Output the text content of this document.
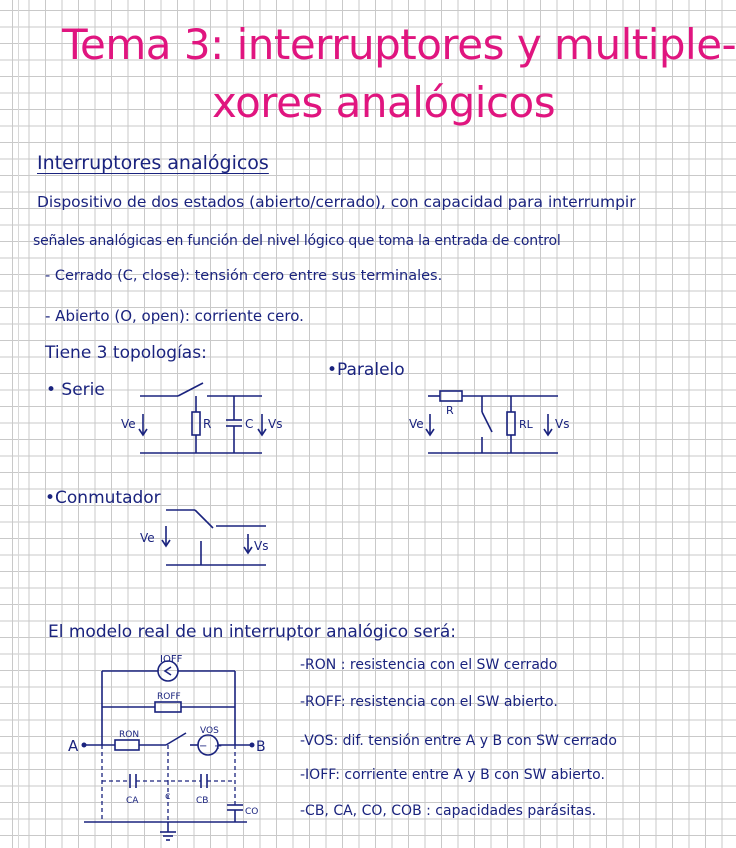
Tema 3: interruptores y multiple-
xores analógicos
Interruptores analógicos
Dispositivo de dos estados (abierto/cerrado), con capacidad para interrumpir
señales analógicas en función del nivel lógico que toma la entrada de control
- Cerrado (C, close): tensión cero entre sus terminales.
- Abierto (O, open): corriente cero.
Tiene 3 topologías:
• Serie
•Paralelo
•Conmutador
Ve	R	C Vs	Ve
R
RL Vs
Ve
Vs
El modelo real de un interruptor analógico será:
IOFF
ROFF
RON	VOS
+
−
A	B
c
CA	CB
CO
-RON : resistencia con el SW cerrado
-ROFF: resistencia con el SW abierto.
-VOS: dif. tensión entre A y B con SW cerrado
-IOFF: corriente entre A y B con SW abierto.
-CB, CA, CO, COB : capacidades parásitas.
